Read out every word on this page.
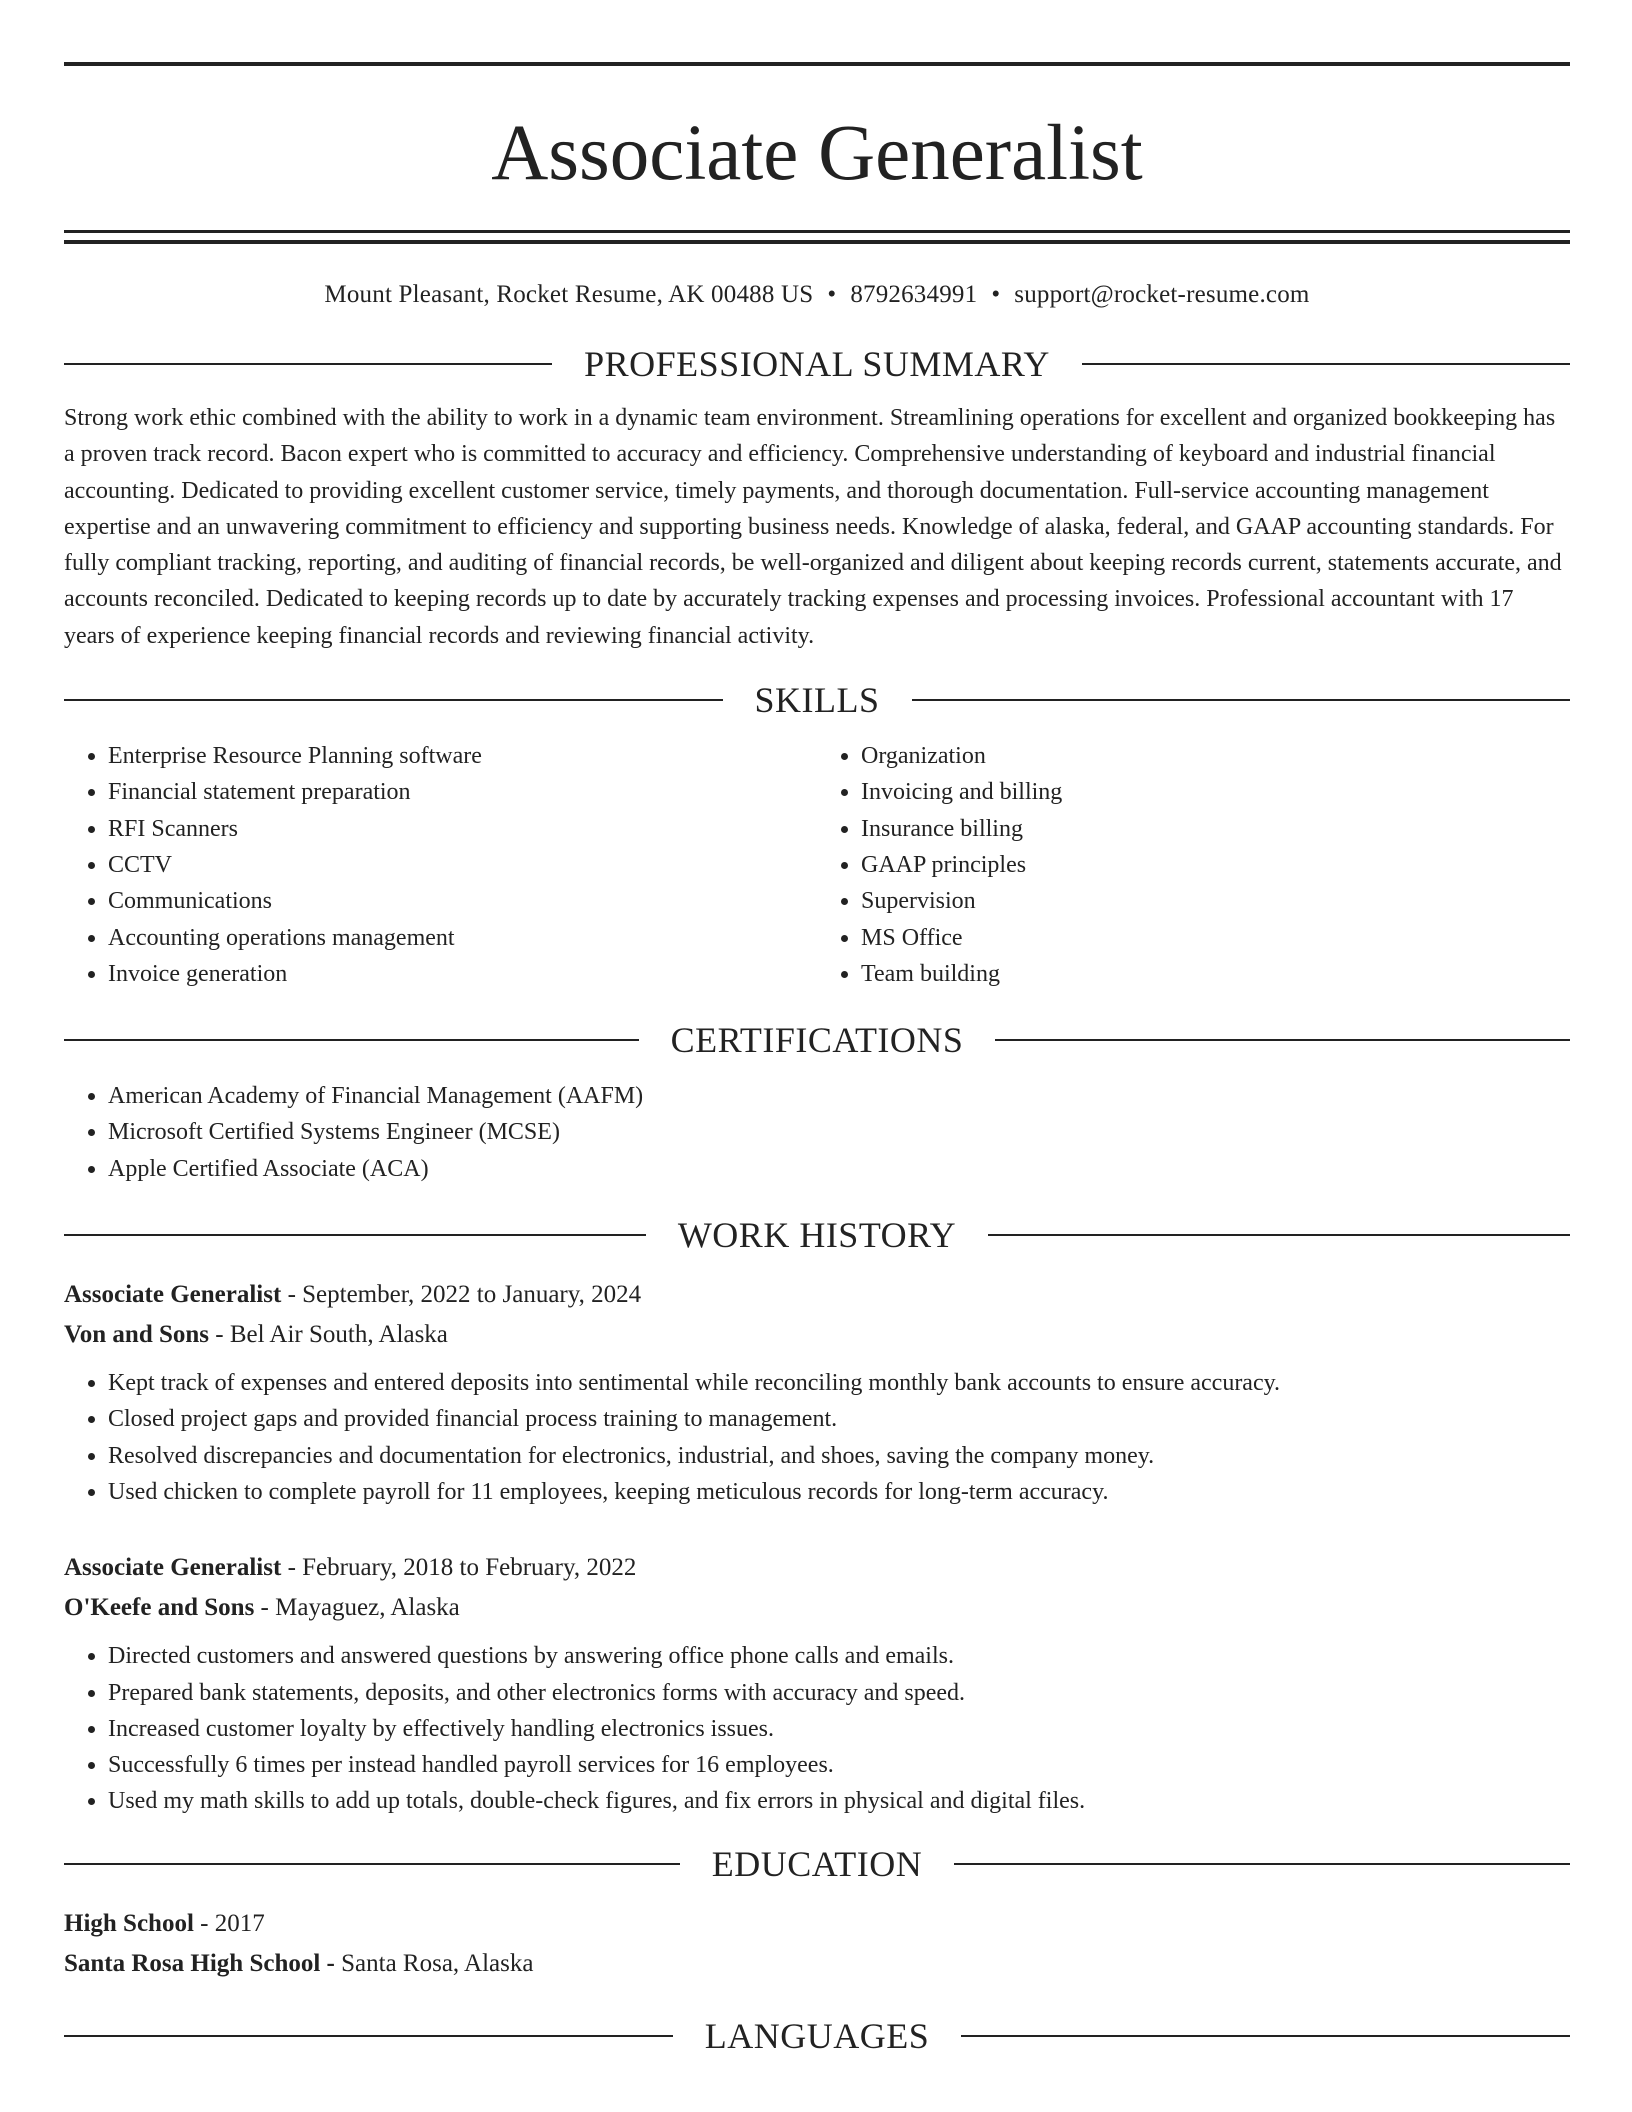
Associate Generalist
Mount Pleasant, Rocket Resume, AK 00488 US • 8792634991 • support@rocket-resume.com
PROFESSIONAL SUMMARY
Strong work ethic combined with the ability to work in a dynamic team environment. Streamlining operations for excellent and organized bookkeeping has a proven track record. Bacon expert who is committed to accuracy and efficiency. Comprehensive understanding of keyboard and industrial financial accounting. Dedicated to providing excellent customer service, timely payments, and thorough documentation. Full-service accounting management expertise and an unwavering commitment to efficiency and supporting business needs. Knowledge of alaska, federal, and GAAP accounting standards. For fully compliant tracking, reporting, and auditing of financial records, be well-organized and diligent about keeping records current, statements accurate, and accounts reconciled. Dedicated to keeping records up to date by accurately tracking expenses and processing invoices. Professional accountant with 17 years of experience keeping financial records and reviewing financial activity.
SKILLS
• Enterprise Resource Planning software
• Financial statement preparation
• RFI Scanners
• CCTV
• Communications
• Accounting operations management
• Invoice generation
• Organization
• Invoicing and billing
• Insurance billing
• GAAP principles
• Supervision
• MS Office
• Team building
CERTIFICATIONS
• American Academy of Financial Management (AAFM)
• Microsoft Certified Systems Engineer (MCSE)
• Apple Certified Associate (ACA)
WORK HISTORY
Associate Generalist - September, 2022 to January, 2024
Von and Sons - Bel Air South, Alaska
• Kept track of expenses and entered deposits into sentimental while reconciling monthly bank accounts to ensure accuracy.
• Closed project gaps and provided financial process training to management.
• Resolved discrepancies and documentation for electronics, industrial, and shoes, saving the company money.
• Used chicken to complete payroll for 11 employees, keeping meticulous records for long-term accuracy.
Associate Generalist - February, 2018 to February, 2022
O'Keefe and Sons - Mayaguez, Alaska
• Directed customers and answered questions by answering office phone calls and emails.
• Prepared bank statements, deposits, and other electronics forms with accuracy and speed.
• Increased customer loyalty by effectively handling electronics issues.
• Successfully 6 times per instead handled payroll services for 16 employees.
• Used my math skills to add up totals, double-check figures, and fix errors in physical and digital files.
EDUCATION
High School - 2017
Santa Rosa High School - Santa Rosa, Alaska
LANGUAGES
